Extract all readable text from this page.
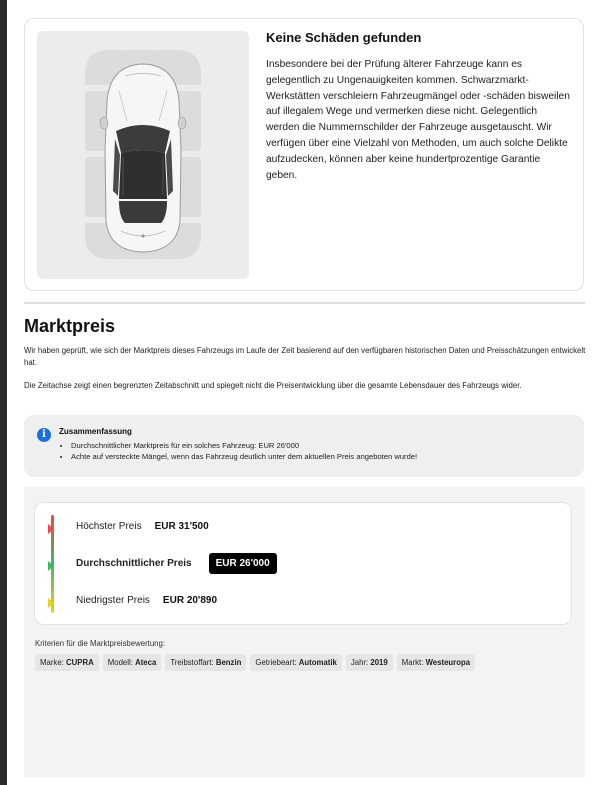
Keine Schäden gefunden
Insbesondere bei der Prüfung älterer Fahrzeuge kann es gelegentlich zu Ungenauigkeiten kommen. Schwarzmarkt-Werkstätten verschleiern Fahrzeugmängel oder -schäden bisweilen auf illegalem Wege und vermerken diese nicht. Gelegentlich werden die Nummernschilder der Fahrzeuge ausgetauscht. Wir verfügen über eine Vielzahl von Methoden, um auch solche Delikte aufzudecken, können aber keine hundertprozentige Garantie geben.
Marktpreis
Wir haben geprüft, wie sich der Marktpreis dieses Fahrzeugs im Laufe der Zeit basierend auf den verfügbaren historischen Daten und Preisschätzungen entwickelt hat.
Die Zeitachse zeigt einen begrenzten Zeitabschnitt und spiegelt nicht die Preisentwicklung über die gesamte Lebensdauer des Fahrzeugs wider.
i	Zusammenfassung
• Durchschnittlicher Marktpreis für ein solches Fahrzeug: EUR 26'000
• Achte auf versteckte Mängel, wenn das Fahrzeug deutlich unter dem aktuellen Preis angeboten wurde!
Höchster Preis EUR 31'500
Durchschnittlicher Preis	EUR 26'000
Niedrigster Preis EUR 20'890
Kriterien für die Marktpreisbewertung:
Marke: CUPRA	Modell: Ateca	Treibstoffart: Benzin	Getriebeart: Automatik	Jahr: 2019	Markt: Westeuropa
